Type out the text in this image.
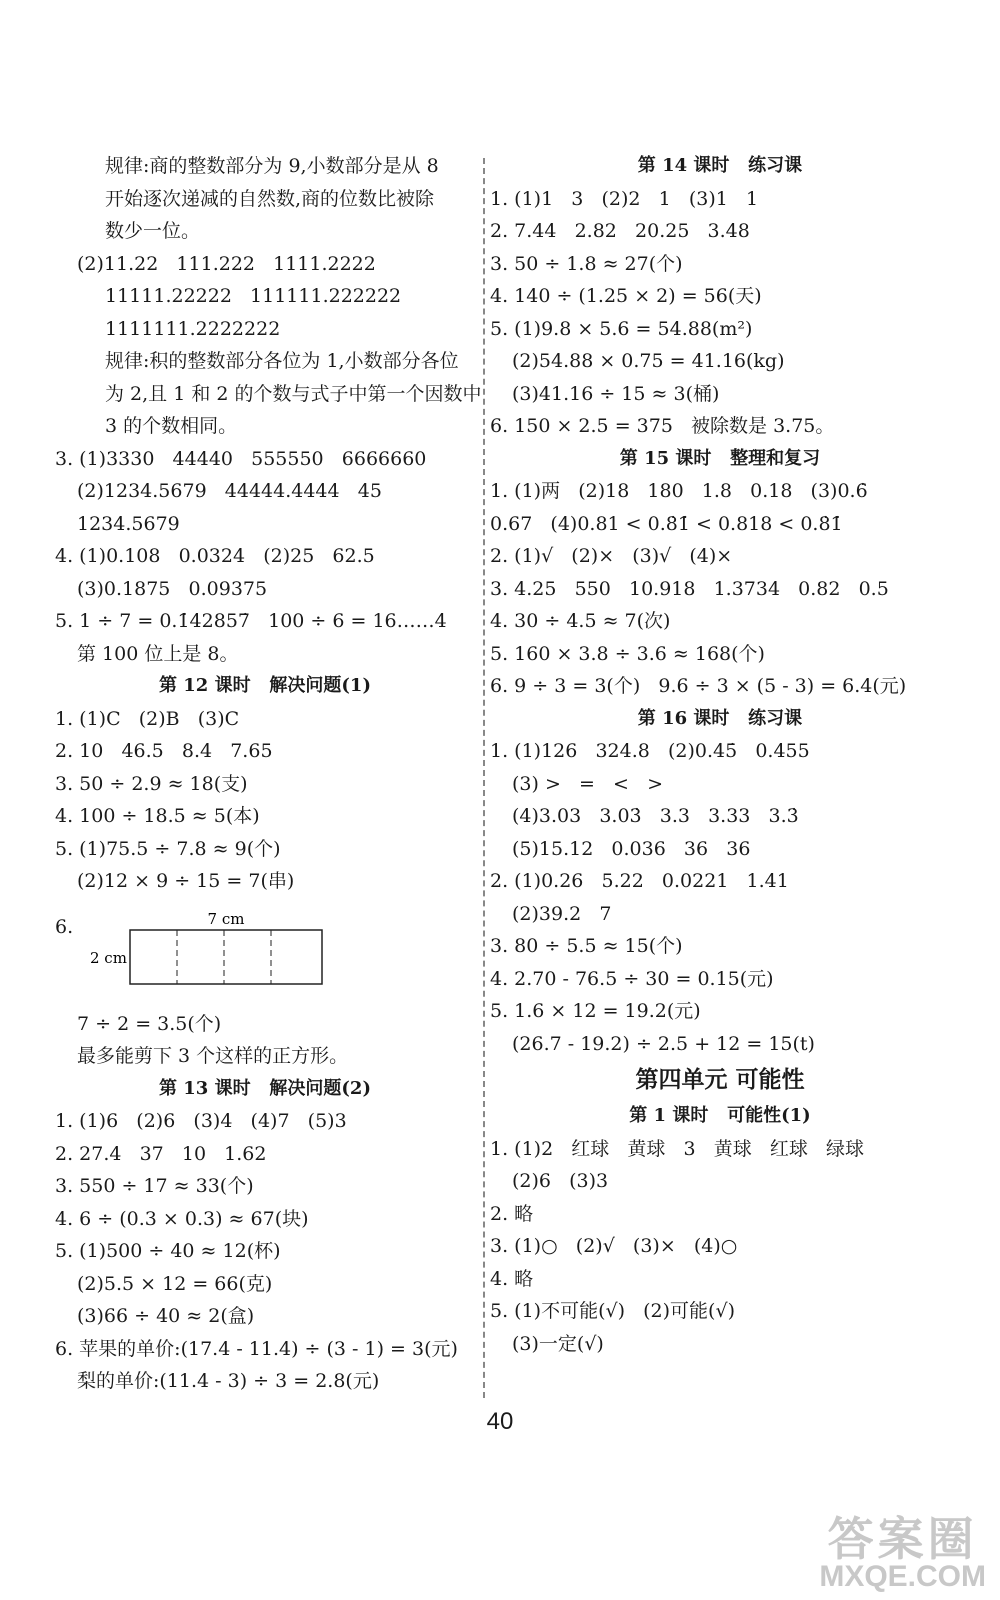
规律:商的整数部分为 9,小数部分是从 8
开始逐次递减的自然数,商的位数比被除
数少一位。
(2)11.22   111.222   1111.2222
11111.22222   111111.222222
1111111.2222222
规律:积的整数部分各位为 1,小数部分各位
为 2,且 1 和 2 的个数与式子中第一个因数中
3 的个数相同。
3. (1)3330   44440   555550   6666660
(2)1234.5679   44444.4444   45
1234.5679
4. (1)0.108   0.0324   (2)25   62.5
(3)0.1875   0.09375
5. 1 ÷ 7 = 0.1̇42857̇   100 ÷ 6 = 16……4
第 100 位上是 8。
第 12 课时   解决问题(1)
1. (1)C   (2)B   (3)C
2. 10   46.5   8.4   7.65
3. 50 ÷ 2.9 ≈ 18(支)
4. 100 ÷ 18.5 ≈ 5(本)
5. (1)75.5 ÷ 7.8 ≈ 9(个)
(2)12 × 9 ÷ 15 = 7(串)
6.	7 cm
2 cm
7 ÷ 2 = 3.5(个)
最多能剪下 3 个这样的正方形。
第 13 课时   解决问题(2)
1. (1)6   (2)6   (3)4   (4)7   (5)3
2. 27.4   37   10   1.62
3. 550 ÷ 17 ≈ 33(个)
4. 6 ÷ (0.3 × 0.3) ≈ 67(块)
5. (1)500 ÷ 40 ≈ 12(杯)
(2)5.5 × 12 = 66(克)
(3)66 ÷ 40 ≈ 2(盒)
6. 苹果的单价:(17.4 - 11.4) ÷ (3 - 1) = 3(元)
梨的单价:(11.4 - 3) ÷ 3 = 2.8(元)
第 14 课时   练习课
1. (1)1   3   (2)2   1   (3)1   1
2. 7.44   2.82   20.25   3.48
3. 50 ÷ 1.8 ≈ 27(个)
4. 140 ÷ (1.25 × 2) = 56(天)
5. (1)9.8 × 5.6 = 54.88(m²)
(2)54.88 × 0.75 = 41.16(kg)
(3)41.16 ÷ 15 ≈ 3(桶)
6. 150 × 2.5 = 375   被除数是 3.75。
第 15 课时   整理和复习
1. (1)两   (2)18   180   1.8   0.18   (3)0.6̇
0.67   (4)0.81 < 0.8̇1̇ < 0.818 < 0.8̇1̇
2. (1)√   (2)×   (3)√   (4)×
3. 4.25   550   10.918   1.3734   0.82   0.5
4. 30 ÷ 4.5 ≈ 7(次)
5. 160 × 3.8 ÷ 3.6 ≈ 168(个)
6. 9 ÷ 3 = 3(个)   9.6 ÷ 3 × (5 - 3) = 6.4(元)
第 16 课时   练习课
1. (1)126   324.8   (2)0.4̇5̇   0.455
(3) >   =   <   >
(4)3.03   3.03̇   3.3   3.33   3.3̇
(5)15.12   0.036   36   36
2. (1)0.26   5.22   0.0221   1.41
(2)39.2   7
3. 80 ÷ 5.5 ≈ 15(个)
4. 2.70 - 76.5 ÷ 30 = 0.15(元)
5. 1.6 × 12 = 19.2(元)
(26.7 - 19.2) ÷ 2.5 + 12 = 15(t)
第四单元 可能性
第 1 课时   可能性(1)
1. (1)2   红球   黄球   3   黄球   红球   绿球
(2)6   (3)3
2. 略
3. (1)○   (2)√   (3)×   (4)○
4. 略
5. (1)不可能(√)   (2)可能(√)
(3)一定(√)
40
答案圈
MXQE.COM
